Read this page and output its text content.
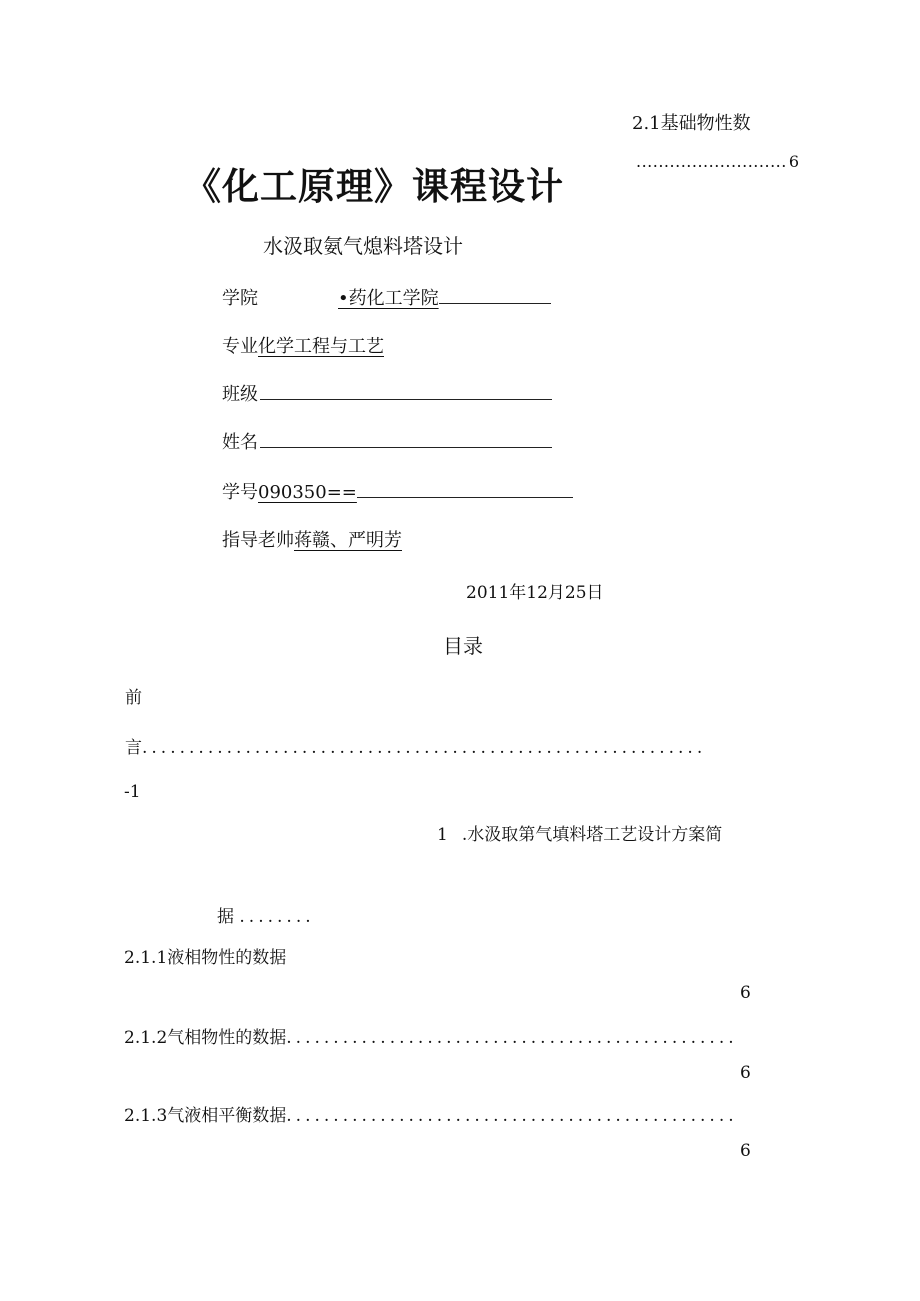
2.1基础物性数
........................... 6
《化工原理》课程设计
水汲取氨气熄料塔设计
学院	•药化工学院
专业化学工程与工艺
班级
姓名
学号090350==
指导老帅蒋赣、严明芳
2011年12月25日
目录
前
言............................................................
-1
1 .水汲取第气填料塔工艺设计方案简
据 ........
2.1.1液相物性的数据
6
2.1.2气相物性的数据................................................
6
2.1.3气液相平衡数据................................................
6
